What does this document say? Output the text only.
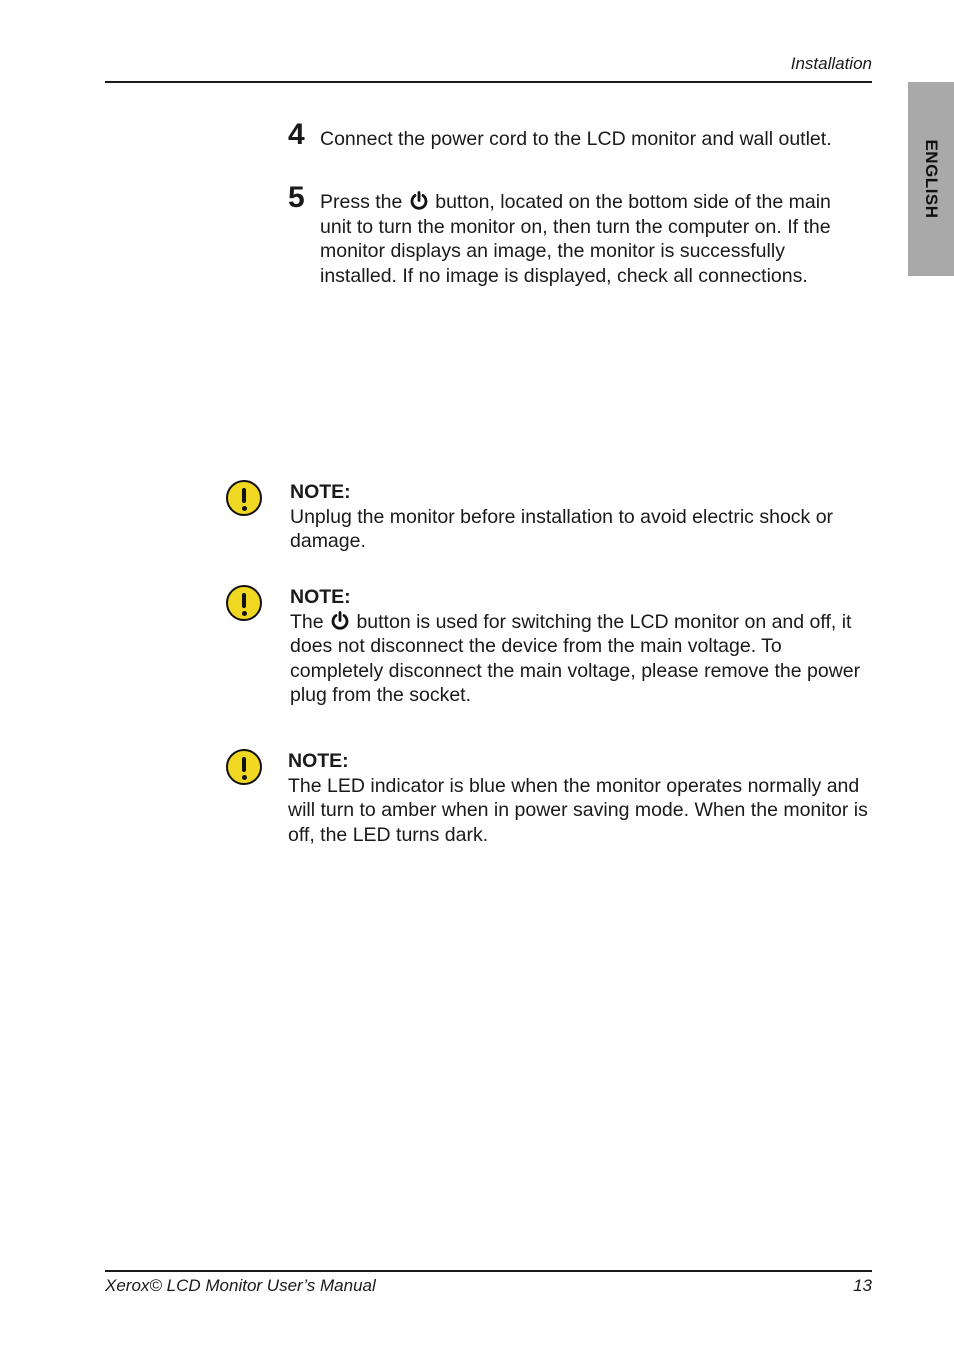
Installation
ENGLISH
4 Connect the power cord to the LCD monitor and wall outlet.
5 Press the button, located on the bottom side of the main unit to turn the monitor on, then turn the computer on. If the monitor displays an image, the monitor is successfully installed. If no image is displayed, check all connections.
NOTE:
Unplug the monitor before installation to avoid electric shock or damage.
NOTE:
The button is used for switching the LCD monitor on and off, it does not disconnect the device from the main voltage. To completely disconnect the main voltage, please remove the power plug from the socket.
NOTE:
The LED indicator is blue when the monitor operates normally and will turn to amber when in power saving mode. When the monitor is off, the LED turns dark.
Xerox© LCD Monitor User’s Manual	13
